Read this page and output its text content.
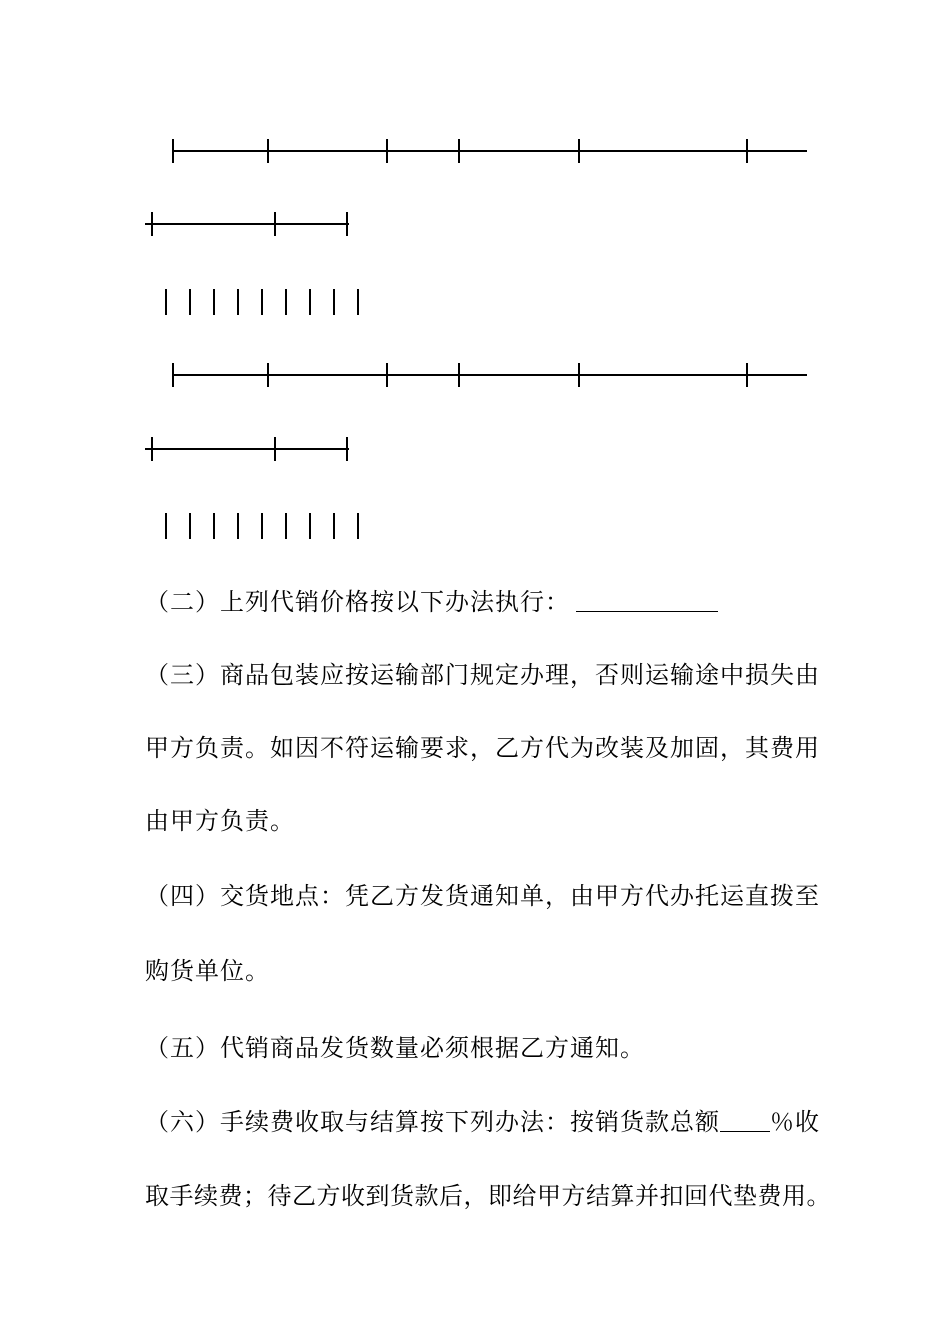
（二）上列代销价格按以下办法执行：
（三）商品包装应按运输部门规定办理，否则运输途中损失由
甲方负责。如因不符运输要求，乙方代为改装及加固，其费用
由甲方负责。
（四）交货地点：凭乙方发货通知单，由甲方代办托运直拨至
购货单位。
（五）代销商品发货数量必须根据乙方通知。
（六）手续费收取与结算按下列办法：按销货款总额 ％收
取手续费；待乙方收到货款后，即给甲方结算并扣回代垫费用。
